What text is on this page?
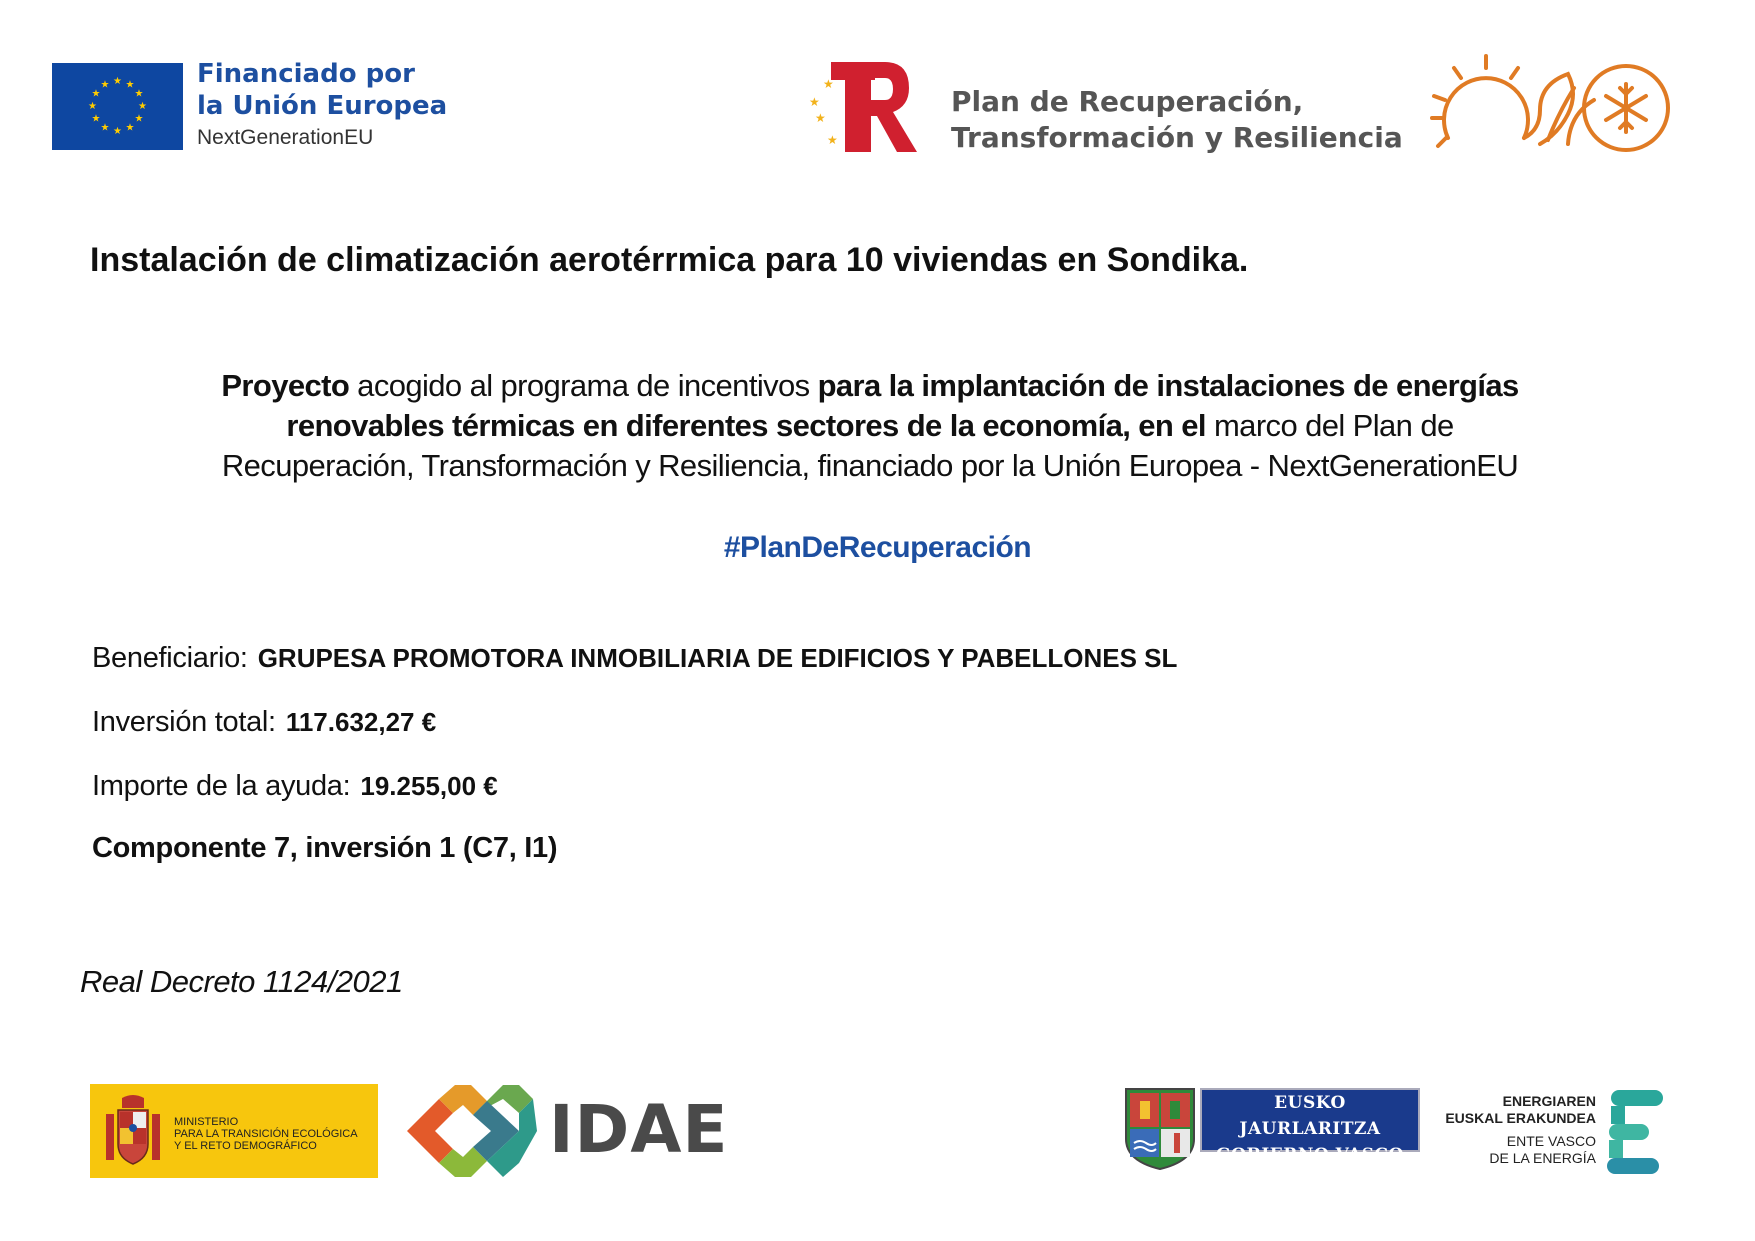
★ ★
★
★
★
★
★
★
★
★
★
★	Financiado por
la Unión Europea
NextGenerationEU
★
★
★
★
Plan de Recuperación,
Transformación y Resiliencia
Instalación de climatización aerotérrmica para 10 viviendas en Sondika.
Proyecto acogido al programa de incentivos para la implantación de instalaciones de energías
renovables térmicas en diferentes sectores de la economía, en el marco del Plan de
Recuperación, Transformación y Resiliencia, financiado por la Unión Europea - NextGenerationEU
#PlanDeRecuperación
Beneficiario: GRUPESA PROMOTORA INMOBILIARIA DE EDIFICIOS Y PABELLONES SL
Inversión total: 117.632,27 €
Importe de la ayuda: 19.255,00 €
Componente 7, inversión 1 (C7, I1)
Real Decreto 1124/2021
MINISTERIO
PARA LA TRANSICIÓN ECOLÓGICA
Y EL RETO DEMOGRÁFICO	IDAE	EUSKO JAURLARITZA
GOBIERNO VASCO
ENERGIAREN
EUSKAL ERAKUNDEA
ENTE VASCO
DE LA ENERGÍA
